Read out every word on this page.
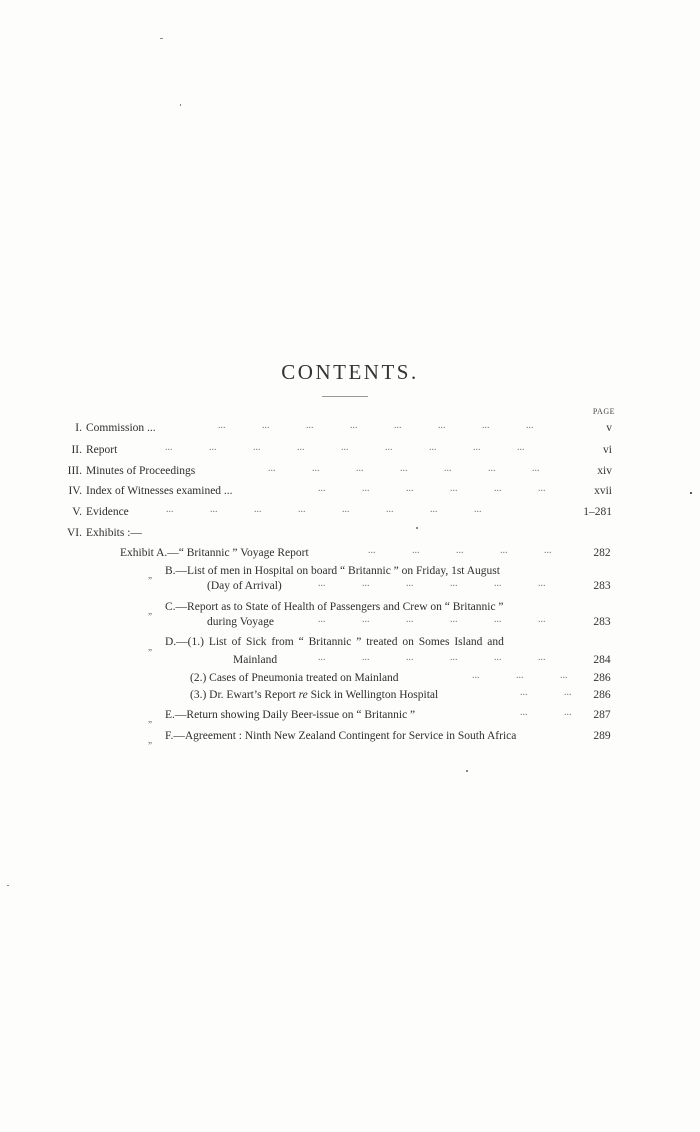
CONTENTS.
PAGE
I. Commission ...	... ... ... ... ... ... ... ...	v
II. Report	... ... ... ... ... ... ... ... ...	vi
III. Minutes of Proceedings	... ... ... ... ... ... ...	xiv
IV. Index of Witnesses examined ...	... ... ... ... ... ...	xvii
V. Evidence	... ... ... ... ... ... ... ...	1–281
VI. Exhibits :—
Exhibit A.—“ Britannic ” Voyage Report	... ... ... ... ...	282
„ B.—List of men in Hospital on board “ Britannic ” on Friday, 1st August
(Day of Arrival)	... ... ... ... ... ...	283
„ C.—Report as to State of Health of Passengers and Crew on “ Britannic ”
during Voyage	... ... ... ... ... ...	283
„ D.—(1.) List of Sick from “ Britannic ” treated on Somes Island and
Mainland	... ... ... ... ... ...	284
(2.) Cases of Pneumonia treated on Mainland	... ... ...	286
(3.) Dr. Ewart’s Report re Sick in Wellington Hospital	... ...	286
„ E.—Return showing Daily Beer-issue on “ Britannic ”	... ...	287
„ F.—Agreement : Ninth New Zealand Contingent for Service in South Africa	289
